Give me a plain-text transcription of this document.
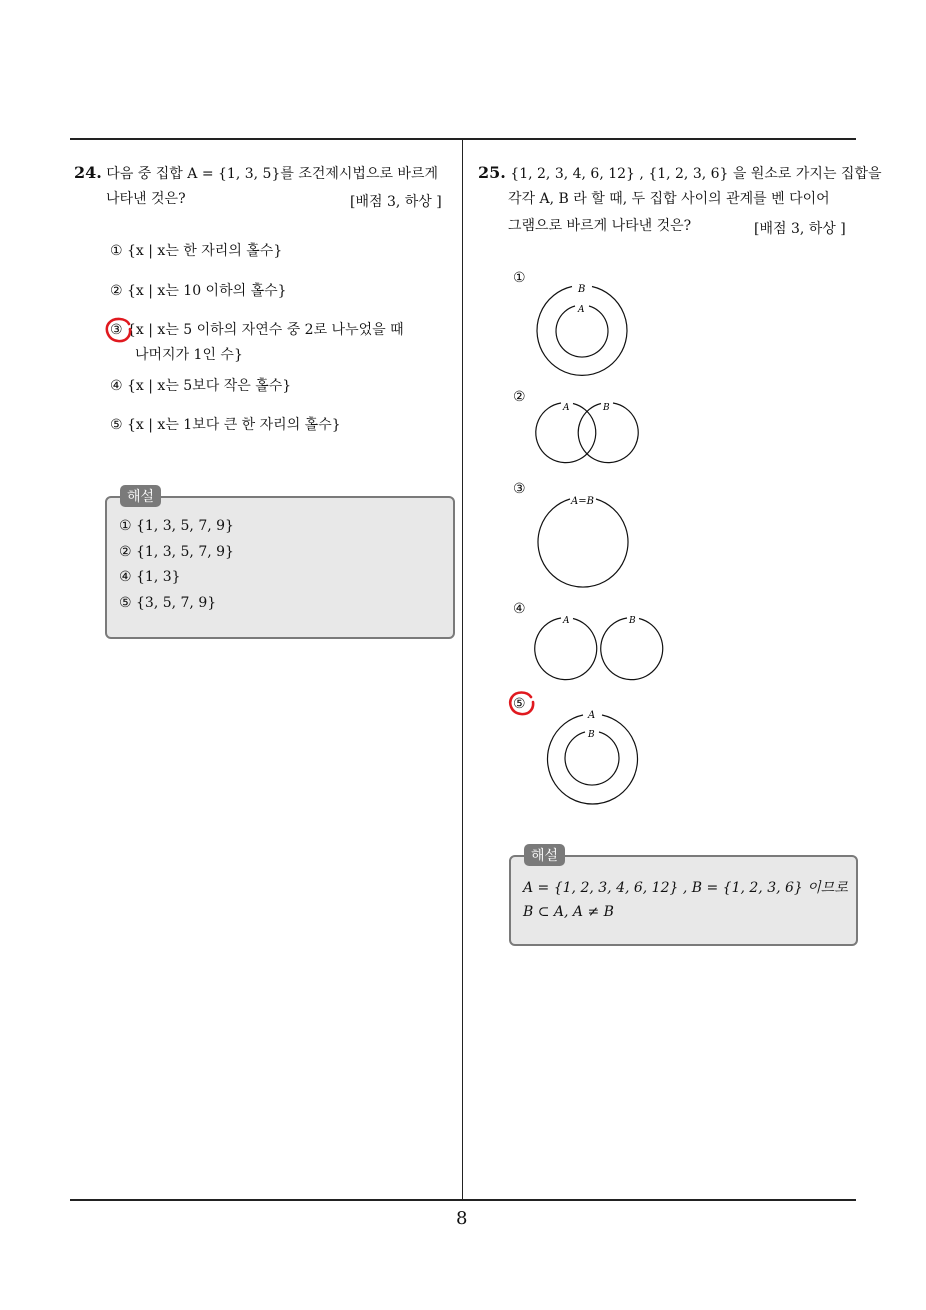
24. 다음 중 집합 A = {1, 3, 5}를 조건제시법으로 바르게
나타낸 것은?	[배점 3, 하상 ]
① {x | x는 한 자리의 홀수}
② {x | x는 10 이하의 홀수}
③ {x | x는 5 이하의 자연수 중 2로 나누었을 때
나머지가 1인 수}
④ {x | x는 5보다 작은 홀수}
⑤ {x | x는 1보다 큰 한 자리의 홀수}
해설
① {1, 3, 5, 7, 9}
② {1, 3, 5, 7, 9}
④ {1, 3}
⑤ {3, 5, 7, 9}
25. {1, 2, 3, 4, 6, 12} , {1, 2, 3, 6} 을 원소로 가지는 집합을
각각 A, B 라 할 때, 두 집합 사이의 관계를 벤 다이어
그램으로 바르게 나타낸 것은?	[배점 3, 하상 ]
①
②
③
④
⑤
B
A
A	B
A=B
A	B
A
B
해설
A = {1, 2, 3, 4, 6, 12} , B = {1, 2, 3, 6} 이므로
B ⊂ A, A ≠ B
8
